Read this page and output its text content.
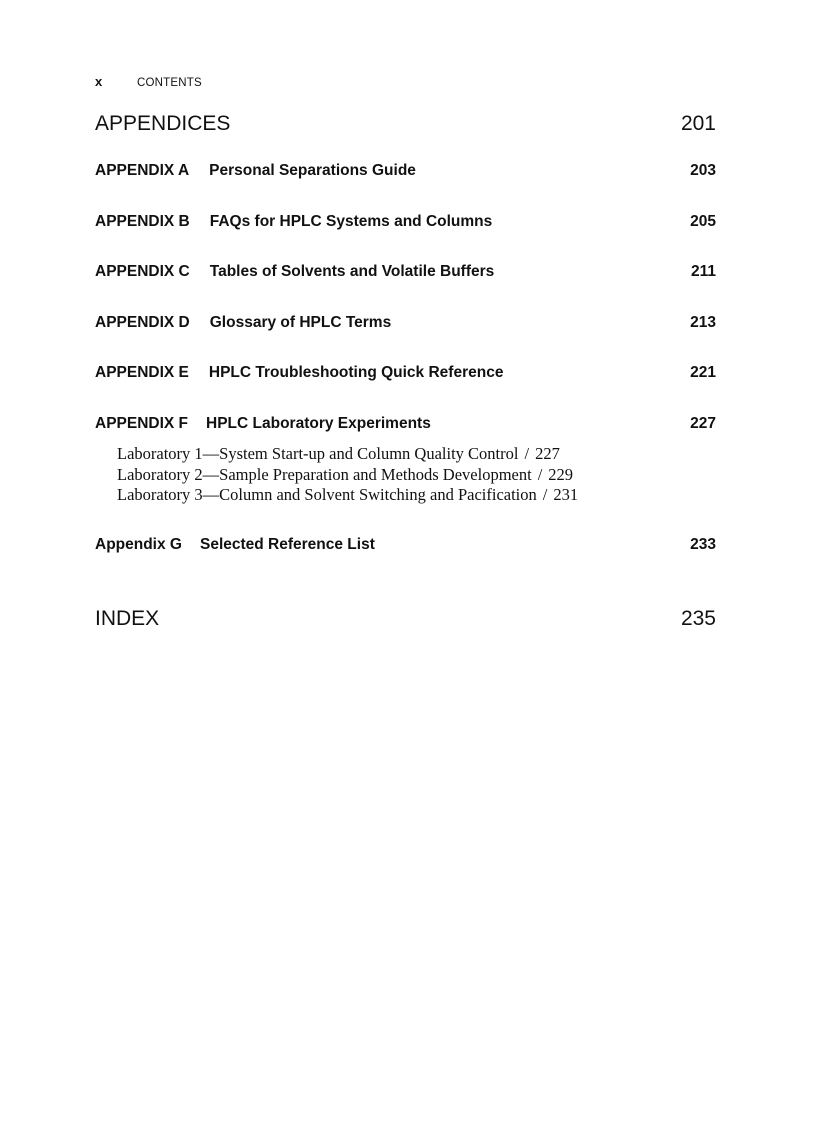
x	CONTENTS
APPENDICES	201
APPENDIX A Personal Separations Guide	203
APPENDIX B FAQs for HPLC Systems and Columns	205
APPENDIX C Tables of Solvents and Volatile Buffers	211
APPENDIX D Glossary of HPLC Terms	213
APPENDIX E HPLC Troubleshooting Quick Reference	221
APPENDIX F HPLC Laboratory Experiments	227
Laboratory 1—System Start-up and Column Quality Control / 227
Laboratory 2—Sample Preparation and Methods Development / 229
Laboratory 3—Column and Solvent Switching and Pacification / 231
Appendix G Selected Reference List	233
INDEX	235
